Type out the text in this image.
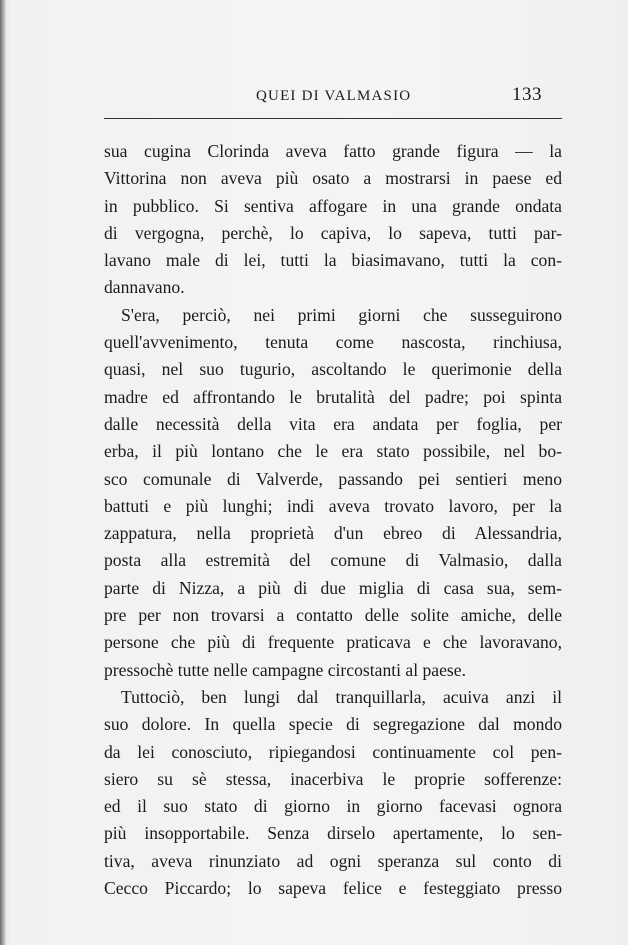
QUEI DI VALMASIO	133
sua cugina Clorinda aveva fatto grande figura — la
Vittorina non aveva più osato a mostrarsi in paese ed
in pubblico. Si sentiva affogare in una grande ondata
di vergogna, perchè, lo capiva, lo sapeva, tutti par-
lavano male di lei, tutti la biasimavano, tutti la con-
dannavano.
S'era, perciò, nei primi giorni che susseguirono
quell'avvenimento, tenuta come nascosta, rinchiusa,
quasi, nel suo tugurio, ascoltando le querimonie della
madre ed affrontando le brutalità del padre; poi spinta
dalle necessità della vita era andata per foglia, per
erba, il più lontano che le era stato possibile, nel bo-
sco comunale di Valverde, passando pei sentieri meno
battuti e più lunghi; indi aveva trovato lavoro, per la
zappatura, nella proprietà d'un ebreo di Alessandria,
posta alla estremità del comune di Valmasio, dalla
parte di Nizza, a più di due miglia di casa sua, sem-
pre per non trovarsi a contatto delle solite amiche, delle
persone che più di frequente praticava e che lavoravano,
pressochè tutte nelle campagne circostanti al paese.
Tuttociò, ben lungi dal tranquillarla, acuiva anzi il
suo dolore. In quella specie di segregazione dal mondo
da lei conosciuto, ripiegandosi continuamente col pen-
siero su sè stessa, inacerbiva le proprie sofferenze:
ed il suo stato di giorno in giorno facevasi ognora
più insopportabile. Senza dirselo apertamente, lo sen-
tiva, aveva rinunziato ad ogni speranza sul conto di
Cecco Piccardo; lo sapeva felice e festeggiato presso
